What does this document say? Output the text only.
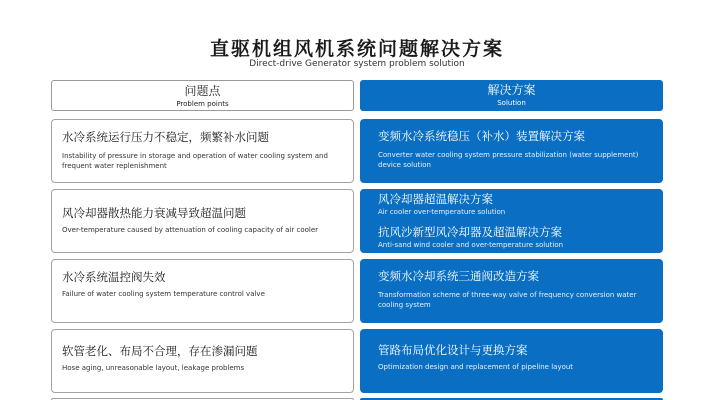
直驱机组风机系统问题解决方案
Direct-drive Generator system problem solution
问题点
Problem points
解决方案
Solution
水冷系统运行压力不稳定，频繁补水问题
Instability of pressure in storage and operation of water cooling system and frequent water replenishment
变频水冷系统稳压（补水）装置解决方案
Converter water cooling system pressure stabilization (water supplement) device solution
风冷却器散热能力衰减导致超温问题
Over-temperature caused by attenuation of cooling capacity of air cooler
风冷却器超温解决方案
Air cooler over-temperature solution
抗风沙新型风冷却器及超温解决方案
Anti-sand wind cooler and over-temperature solution
水冷系统温控阀失效
Failure of water cooling system temperature control valve
变频水冷却系统三通阀改造方案
Transformation scheme of three-way valve of frequency conversion water cooling system
软管老化、布局不合理，存在渗漏问题
Hose aging, unreasonable layout, leakage problems
管路布局优化设计与更换方案
Optimization design and replacement of pipeline layout
